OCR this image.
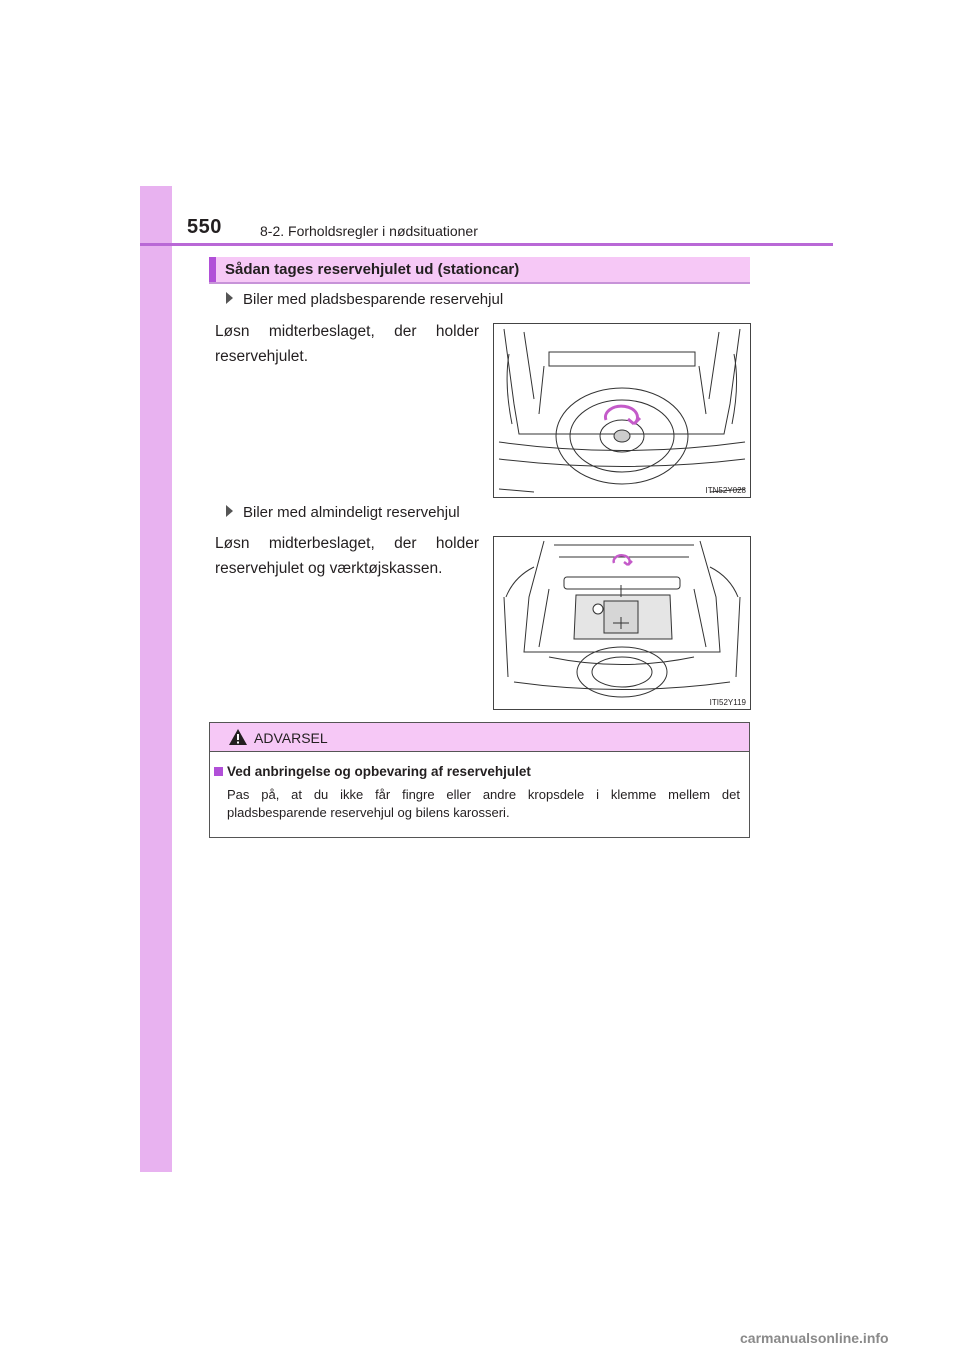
550	8-2. Forholdsregler i nødsituationer
Sådan tages reservehjulet ud (stationcar)
Biler med pladsbesparende reservehjul
Løsn midterbeslaget, der holder
reservehjulet.
ITN52Y028
Biler med almindeligt reservehjul
Løsn midterbeslaget, der holder
reservehjulet og værktøjskassen.
ITI52Y119
ADVARSEL
Ved anbringelse og opbevaring af reservehjulet
Pas på, at du ikke får fingre eller andre kropsdele i klemme mellem det
pladsbesparende reservehjul og bilens karosseri.
carmanualsonline.info
